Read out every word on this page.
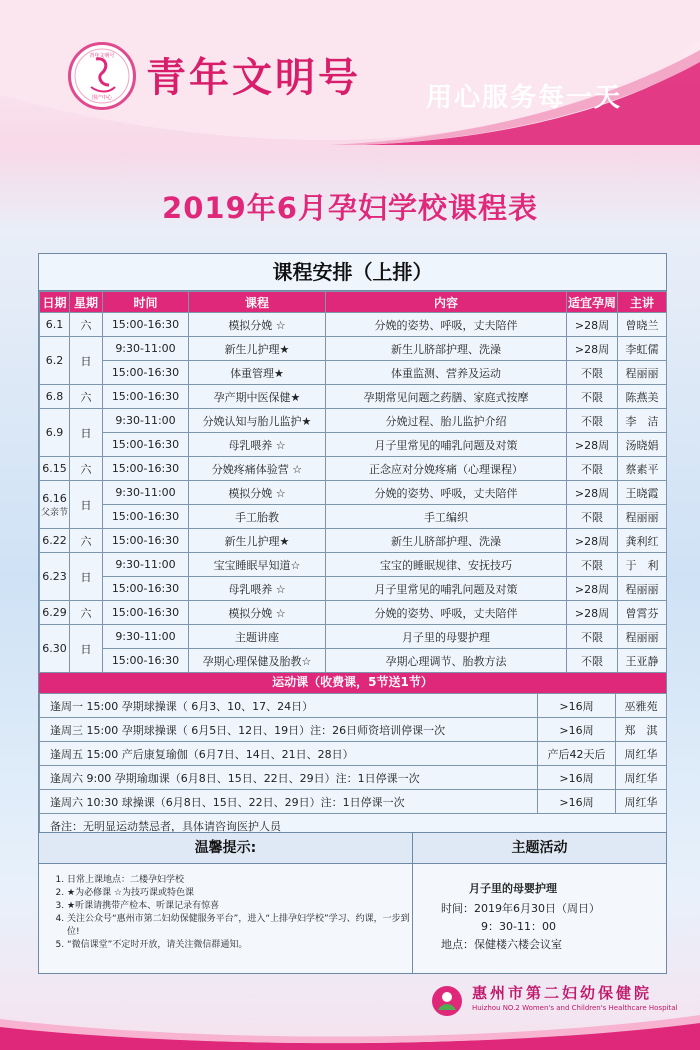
青年文明号
围产中心 青年文明号	用心服务每一天
2019年6月孕妇学校课程表
课程安排（上排）
日期	星期	时间	课程	内容	适宜孕周	主讲

6.1	六	15:00-16:30	模拟分娩 ☆	分娩的姿势、呼吸，丈夫陪伴	>28周	曾晓兰

6.2	日	9:30-11:00	新生儿护理★	新生儿脐部护理、洗澡	>28周	李虹儒
		15:00-16:30	体重管理★	体重监测、营养及运动	不限	程丽丽

6.8	六	15:00-16:30	孕产期中医保健★	孕期常见问题之药膳、家庭式按摩	不限	陈燕美

6.9	日	9:30-11:00	分娩认知与胎儿监护★	分娩过程、胎儿监护介绍	不限	李　洁
		15:00-16:30	母乳喂养 ☆	月子里常见的哺乳问题及对策	>28周	汤晓娟

6.15	六	15:00-16:30	分娩疼痛体验营 ☆	正念应对分娩疼痛（心理课程）	不限	蔡素平

6.16
父亲节	日	9:30-11:00	模拟分娩 ☆	分娩的姿势、呼吸，丈夫陪伴	>28周	王晓霞
		15:00-16:30	手工胎教	手工编织	不限	程丽丽

6.22	六	15:00-16:30	新生儿护理★	新生儿脐部护理、洗澡	>28周	龚利红

6.23	日	9:30-11:00	宝宝睡眠早知道☆	宝宝的睡眠规律、安抚技巧	不限	于　利
		15:00-16:30	母乳喂养 ☆	月子里常见的哺乳问题及对策	>28周	程丽丽

6.29	六	15:00-16:30	模拟分娩 ☆	分娩的姿势、呼吸，丈夫陪伴	>28周	曾霄芬

6.30	日	9:30-11:00	主题讲座	月子里的母婴护理	不限	程丽丽
		15:00-16:30	孕期心理保健及胎教☆	孕期心理调节、胎教方法	不限	王亚静
运动课（收费课，5节送1节）
逢周一 15:00 孕期球操课（ 6月3、10、17、24日）	>16周	巫雅苑
逢周三 15:00 孕期球操课（ 6月5日、12日、19日）注：26日师资培训停课一次	>16周	郑　淇
逢周五 15:00 产后康复瑜伽（6月7日、14日、21日、28日）	产后42天后	周红华
逢周六 9:00 孕期瑜珈课（6月8日、15日、22日、29日）注：1日停课一次	>16周	周红华
逢周六 10:30 球操课（6月8日、15日、22日、29日）注：1日停课一次	>16周	周红华
备注：无明显运动禁忌者，具体请咨询医护人员		
温馨提示:
1. 日常上课地点：二楼孕妇学校
2. ★为必修课 ☆为技巧课或特色课
3. ★听课请携带产检本、听课记录有惊喜
4. 关注公众号“惠州市第二妇幼保健服务平台”，进入“上排孕妇学校”学习、约课，一步到位!
5. “微信课堂”不定时开放，请关注微信群通知。
主题活动
月子里的母婴护理
时间：2019年6月30日（周日）
9：30-11：00
地点：保健楼六楼会议室
惠州市第二妇幼保健院
Huizhou NO.2 Women's and Children's Healthcare Hospital
